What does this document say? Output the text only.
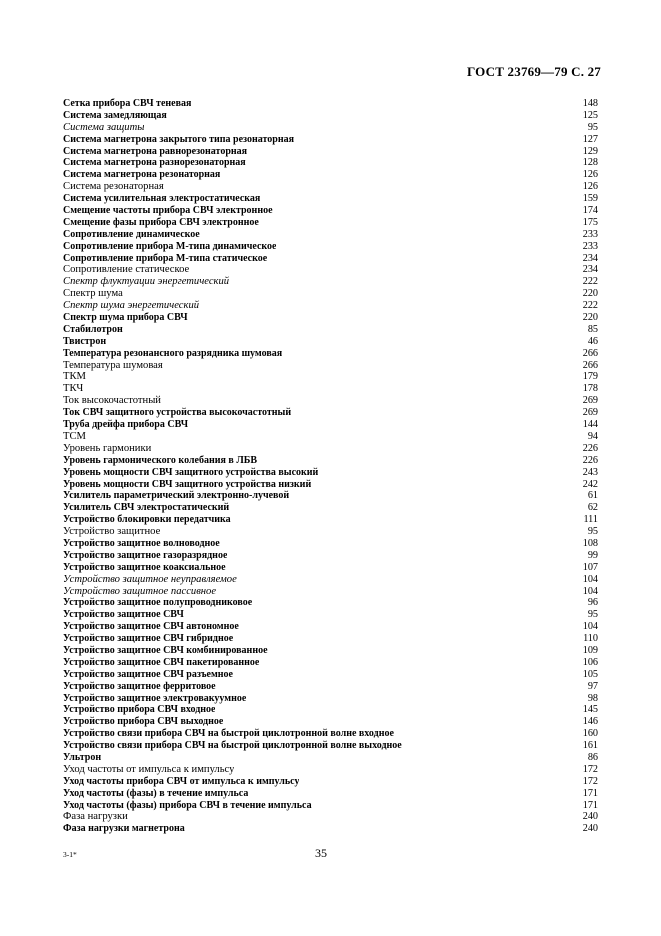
ГОСТ 23769—79 С. 27
Сетка прибора СВЧ теневая	148
Система замедляющая	125
Система защиты	95
Система магнетрона закрытого типа резонаторная	127
Система магнетрона равнорезонаторная	129
Система магнетрона разнорезонаторная	128
Система магнетрона резонаторная	126
Система резонаторная	126
Система усилительная электростатическая	159
Смещение частоты прибора СВЧ электронное	174
Смещение фазы прибора СВЧ электронное	175
Сопротивление динамическое	233
Сопротивление прибора М-типа динамическое	233
Сопротивление прибора М-типа статическое	234
Сопротивление статическое	234
Спектр флуктуации энергетический	222
Спектр шума	220
Спектр шума энергетический	222
Спектр шума прибора СВЧ	220
Стабилотрон	85
Твистрон	46
Температура резонансного разрядника шумовая	266
Температура шумовая	266
ТКМ	179
ТКЧ	178
Ток высокочастотный	269
Ток СВЧ защитного устройства высокочастотный	269
Труба дрейфа прибора СВЧ	144
ТСМ	94
Уровень гармоники	226
Уровень гармонического колебания в ЛБВ	226
Уровень мощности СВЧ защитного устройства высокий	243
Уровень мощности СВЧ защитного устройства низкий	242
Усилитель параметрический электронно-лучевой	61
Усилитель СВЧ электростатический	62
Устройство блокировки передатчика	111
Устройство защитное	95
Устройство защитное волноводное	108
Устройство защитное газоразрядное	99
Устройство защитное коаксиальное	107
Устройство защитное неуправляемое	104
Устройство защитное пассивное	104
Устройство защитное полупроводниковое	96
Устройство защитное СВЧ	95
Устройство защитное СВЧ автономное	104
Устройство защитное СВЧ гибридное	110
Устройство защитное СВЧ комбинированное	109
Устройство защитное СВЧ пакетированное	106
Устройство защитное СВЧ разъемное	105
Устройство защитное ферритовое	97
Устройство защитное электровакуумное	98
Устройство прибора СВЧ входное	145
Устройство прибора СВЧ выходное	146
Устройство связи прибора СВЧ на быстрой циклотронной волне входное	160
Устройство связи прибора СВЧ на быстрой циклотронной волне выходное	161
Ультрон	86
Уход частоты от импульса к импульсу	172
Уход частоты прибора СВЧ от импульса к импульсу	172
Уход частоты (фазы) в течение импульса	171
Уход частоты (фазы) прибора СВЧ в течение импульса	171
Фаза нагрузки	240
Фаза нагрузки магнетрона	240
3-1*	35
